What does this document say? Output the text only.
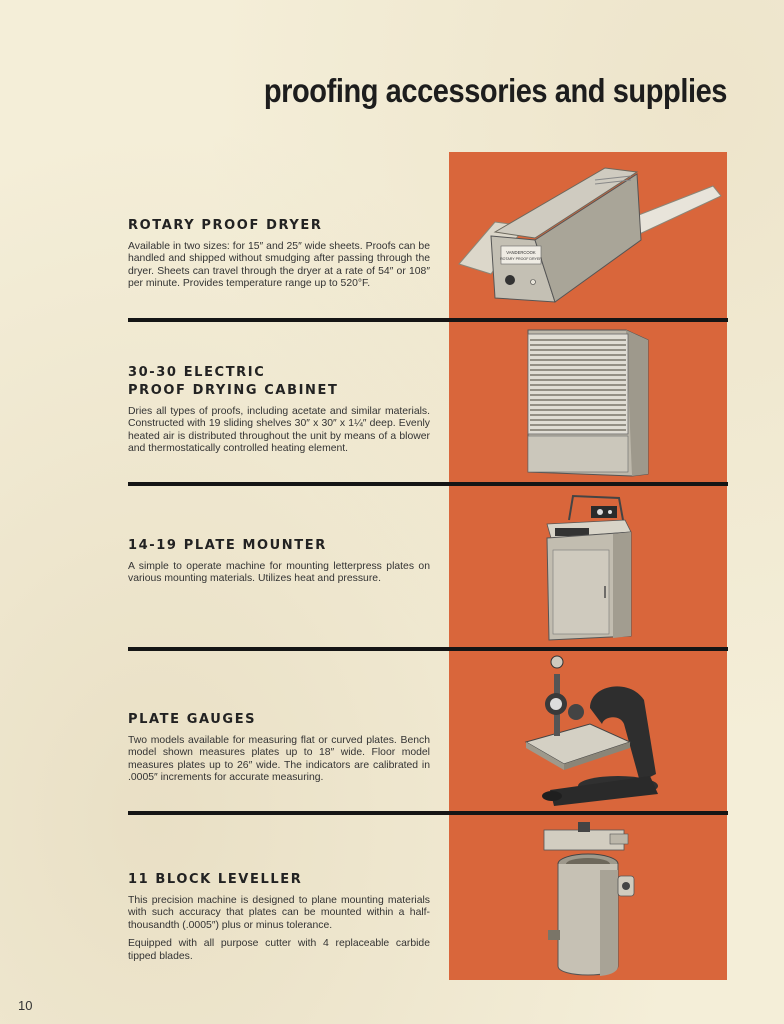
proofing accessories and supplies
ROTARY PROOF DRYER

Available in two sizes: for 15″ and 25″ wide sheets. Proofs can be handled and shipped without smudging after passing through the dryer. Sheets can travel through the dryer at a rate of 54″ or 108″ per minute. Provides temperature range up to 520°F.

VANDERCOOK
ROTARY PROOF DRYER
30-30 ELECTRIC
PROOF DRYING CABINET

Dries all types of proofs, including acetate and similar materials. Constructed with 19 sliding shelves 30″ x 30″ x 1¼″ deep. Evenly heated air is distributed throughout the unit by means of a blower and thermostatically controlled heating element.

14-19 PLATE MOUNTER

A simple to operate machine for mounting letterpress plates on various mounting materials. Utilizes heat and pressure.

PLATE GAUGES

Two models available for measuring flat or curved plates. Bench model shown measures plates up to 18″ wide. Floor model measures plates up to 26″ wide. The indicators are calibrated in .0005″ increments for accurate measuring.

11 BLOCK LEVELLER

This precision machine is designed to plane mounting materials with such accuracy that plates can be mounted within a half-thousandth (.0005″) plus or minus tolerance.

Equipped with all purpose cutter with 4 replaceable carbide tipped blades.

10
